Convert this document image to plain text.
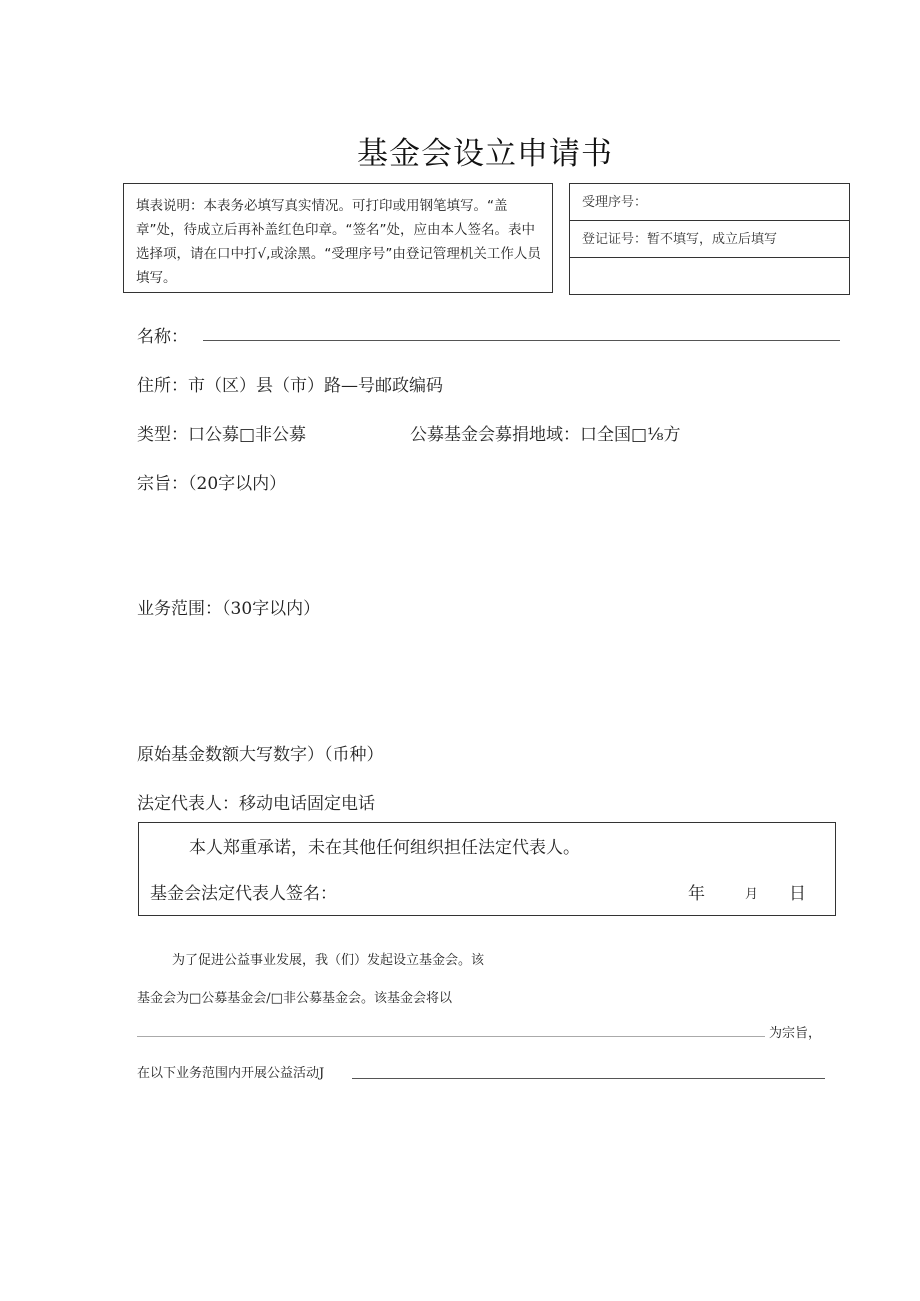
基金会设立申请书
填表说明：本表务必填写真实情况。可打印或用钢笔填写。“盖章”处，待成立后再补盖红色印章。“签名”处，应由本人签名。表中选择项，请在口中打√,或涂黑。“受理序号”由登记管理机关工作人员填写。
受理序号：
登记证号：暂不填写，成立后填写
名称：
住所：市（区）县（市）路—号邮政编码
类型：口公募□非公募	公募基金会募捐地域：口全国□⅛方
宗旨：（20字以内）
业务范围：（30字以内）
原始基金数额大写数字）（币种）
法定代表人：移动电话固定电话
本人郑重承诺，未在其他任何组织担任法定代表人。
基金会法定代表人签名：	年	月 日
为了促进公益事业发展，我（们）发起设立基金会。该
基金会为□公募基金会/□非公募基金会。该基金会将以
为宗旨，
在以下业务范围内开展公益活动J
